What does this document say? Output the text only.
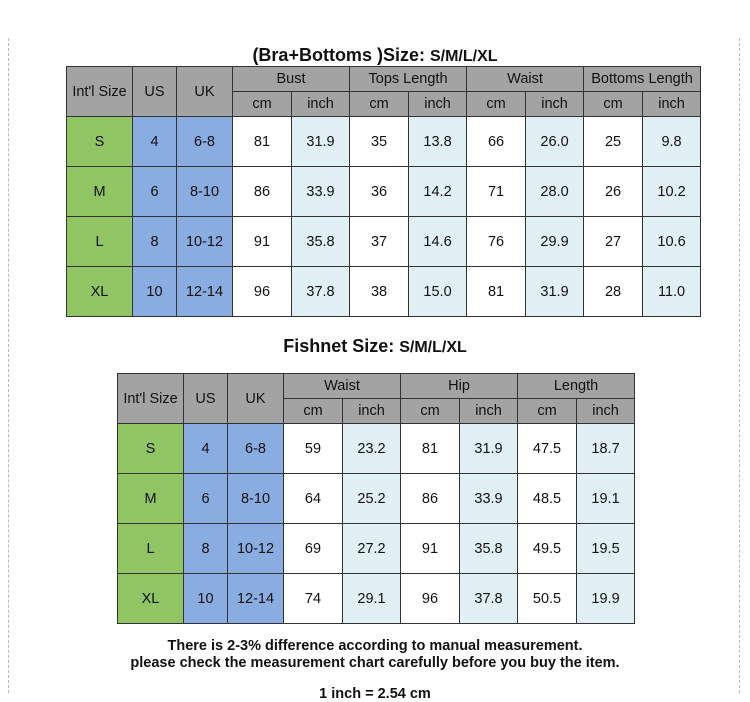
(Bra+Bottoms )Size: S/M/L/XL
Int'l Size	US	UK	Bust		Tops Length		Waist		Bottoms Length	
			cm	inch	cm	inch	cm	inch	cm	inch
S	4	6-8	81	31.9	35	13.8	66	26.0	25	9.8
M	6	8-10	86	33.9	36	14.2	71	28.0	26	10.2
L	8	10-12	91	35.8	37	14.6	76	29.9	27	10.6
XL	10	12-14	96	37.8	38	15.0	81	31.9	28	11.0
Fishnet Size: S/M/L/XL
Int'l Size	US	UK	Waist		Hip		Length	
			cm	inch	cm	inch	cm	inch
S	4	6-8	59	23.2	81	31.9	47.5	18.7
M	6	8-10	64	25.2	86	33.9	48.5	19.1
L	8	10-12	69	27.2	91	35.8	49.5	19.5
XL	10	12-14	74	29.1	96	37.8	50.5	19.9
There is 2-3% difference according to manual measurement.
please check the measurement chart carefully before you buy the item.
1 inch = 2.54 cm
